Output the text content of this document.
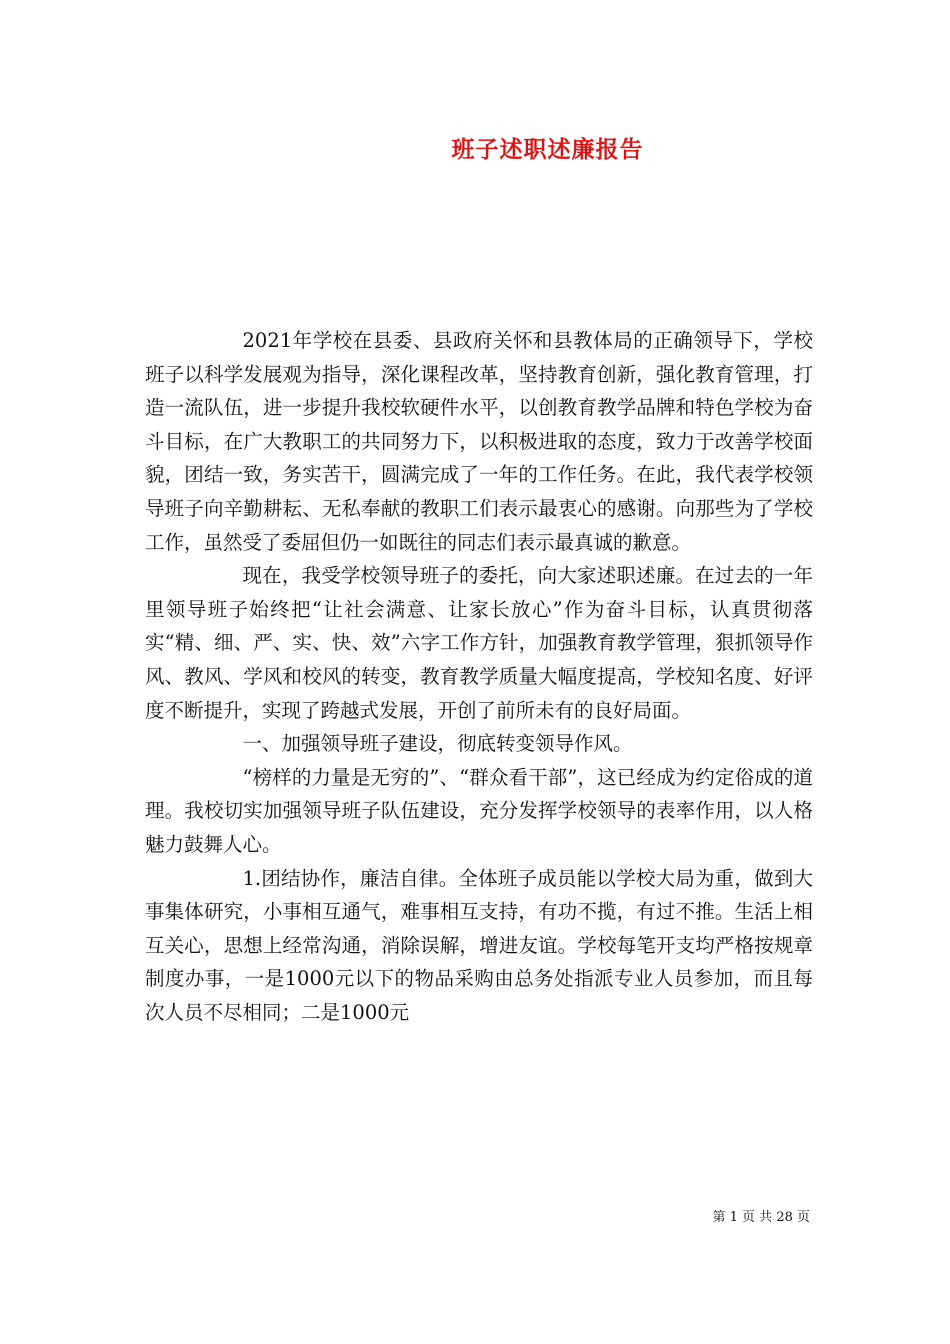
班子述职述廉报告

2021年学校在县委、县政府关怀和县教体局的正确领导下，学校班子以科学发展观为指导，深化课程改革，坚持教育创新，强化教育管理，打造一流队伍，进一步提升我校软硬件水平，以创教育教学品牌和特色学校为奋斗目标，在广大教职工的共同努力下，以积极进取的态度，致力于改善学校面貌，团结一致，务实苦干，圆满完成了一年的工作任务。在此，我代表学校领导班子向辛勤耕耘、无私奉献的教职工们表示最衷心的感谢。向那些为了学校工作，虽然受了委屈但仍一如既往的同志们表示最真诚的歉意。

现在，我受学校领导班子的委托，向大家述职述廉。在过去的一年里领导班子始终把“让社会满意、让家长放心”作为奋斗目标，认真贯彻落实“精、细、严、实、快、效”六字工作方针，加强教育教学管理，狠抓领导作风、教风、学风和校风的转变，教育教学质量大幅度提高，学校知名度、好评度不断提升，实现了跨越式发展，开创了前所未有的良好局面。

一、加强领导班子建设，彻底转变领导作风。

“榜样的力量是无穷的”、“群众看干部”，这已经成为约定俗成的道理。我校切实加强领导班子队伍建设，充分发挥学校领导的表率作用，以人格魅力鼓舞人心。

1.团结协作，廉洁自律。全体班子成员能以学校大局为重，做到大事集体研究，小事相互通气，难事相互支持，有功不揽，有过不推。生活上相互关心，思想上经常沟通，消除误解，增进友谊。学校每笔开支均严格按规章制度办事，一是1000元以下的物品采购由总务处指派专业人员参加，而且每次人员不尽相同；二是1000元

第 1 页 共 28 页
